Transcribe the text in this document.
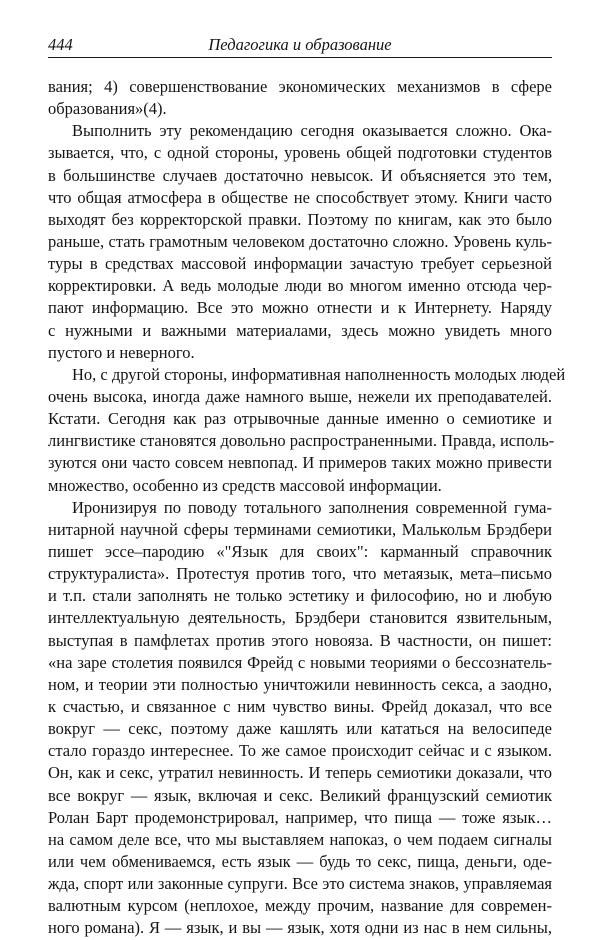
444	Педагогика и образование
вания; 4) совершенствование экономических механизмов в сфере
образования»(4).
Выполнить эту рекомендацию сегодня оказывается сложно. Ока-
зывается, что, с одной стороны, уровень общей подготовки студентов
в большинстве случаев достаточно невысок. И объясняется это тем,
что общая атмосфера в обществе не способствует этому. Книги часто
выходят без корректорской правки. Поэтому по книгам, как это было
раньше, стать грамотным человеком достаточно сложно. Уровень куль-
туры в средствах массовой информации зачастую требует серьезной
корректировки. А ведь молодые люди во многом именно отсюда чер-
пают информацию. Все это можно отнести и к Интернету. Наряду
с нужными и важными материалами, здесь можно увидеть много
пустого и неверного.
Но, с другой стороны, информативная наполненность молодых людей
очень высока, иногда даже намного выше, нежели их преподавателей.
Кстати. Сегодня как раз отрывочные данные именно о семиотике и
лингвистике становятся довольно распространенными. Правда, исполь-
зуются они часто совсем невпопад. И примеров таких можно привести
множество, особенно из средств массовой информации.
Иронизируя по поводу тотального заполнения современной гума-
нитарной научной сферы терминами семиотики, Малькольм Брэдбери
пишет эссе–пародию «"Язык для своих": карманный справочник
структуралиста». Протестуя против того, что метаязык, мета–письмо
и т.п. стали заполнять не только эстетику и философию, но и любую
интеллектуальную деятельность, Брэдбери становится язвительным,
выступая в памфлетах против этого новояза. В частности, он пишет:
«на заре столетия появился Фрейд с новыми теориями о бессознатель-
ном, и теории эти полностью уничтожили невинность секса, а заодно,
к счастью, и связанное с ним чувство вины. Фрейд доказал, что все
вокруг — секс, поэтому даже кашлять или кататься на велосипеде
стало гораздо интереснее. То же самое происходит сейчас и с языком.
Он, как и секс, утратил невинность. И теперь семиотики доказали, что
все вокруг — язык, включая и секс. Великий французский семиотик
Ролан Барт продемонстрировал, например, что пища — тоже язык…
на самом деле все, что мы выставляем напоказ, о чем подаем сигналы
или чем обмениваемся, есть язык — будь то секс, пища, деньги, оде-
жда, спорт или законные супруги. Все это система знаков, управляемая
валютным курсом (неплохое, между прочим, название для современ-
ного романа). Я — язык, и вы — язык, хотя одни из нас в нем сильны,
